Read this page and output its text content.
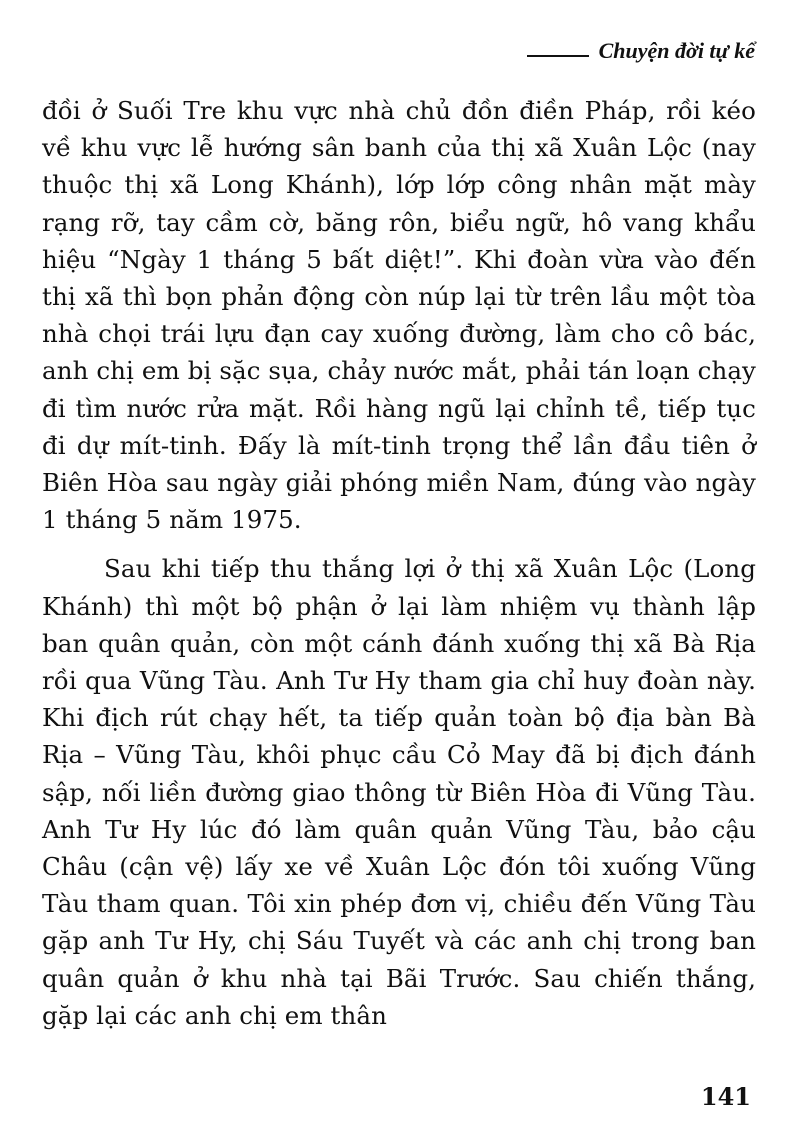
Chuyện đời tự kể

đồi ở Suối Tre khu vực nhà chủ đồn điền Pháp, rồi kéo về khu vực lễ hướng sân banh của thị xã Xuân Lộc (nay thuộc thị xã Long Khánh), lớp lớp công nhân mặt mày rạng rỡ, tay cầm cờ, băng rôn, biểu ngữ, hô vang khẩu hiệu “Ngày 1 tháng 5 bất diệt!”. Khi đoàn vừa vào đến thị xã thì bọn phản động còn núp lại từ trên lầu một tòa nhà chọi trái lựu đạn cay xuống đường, làm cho cô bác, anh chị em bị sặc sụa, chảy nước mắt, phải tán loạn chạy đi tìm nước rửa mặt. Rồi hàng ngũ lại chỉnh tề, tiếp tục đi dự mít-tinh. Đấy là mít-tinh trọng thể lần đầu tiên ở Biên Hòa sau ngày giải phóng miền Nam, đúng vào ngày 1 tháng 5 năm 1975.

Sau khi tiếp thu thắng lợi ở thị xã Xuân Lộc (Long Khánh) thì một bộ phận ở lại làm nhiệm vụ thành lập ban quân quản, còn một cánh đánh xuống thị xã Bà Rịa rồi qua Vũng Tàu. Anh Tư Hy tham gia chỉ huy đoàn này. Khi địch rút chạy hết, ta tiếp quản toàn bộ địa bàn Bà Rịa – Vũng Tàu, khôi phục cầu Cỏ May đã bị địch đánh sập, nối liền đường giao thông từ Biên Hòa đi Vũng Tàu. Anh Tư Hy lúc đó làm quân quản Vũng Tàu, bảo cậu Châu (cận vệ) lấy xe về Xuân Lộc đón tôi xuống Vũng Tàu tham quan. Tôi xin phép đơn vị, chiều đến Vũng Tàu gặp anh Tư Hy, chị Sáu Tuyết và các anh chị trong ban quân quản ở khu nhà tại Bãi Trước. Sau chiến thắng, gặp lại các anh chị em thân

141
